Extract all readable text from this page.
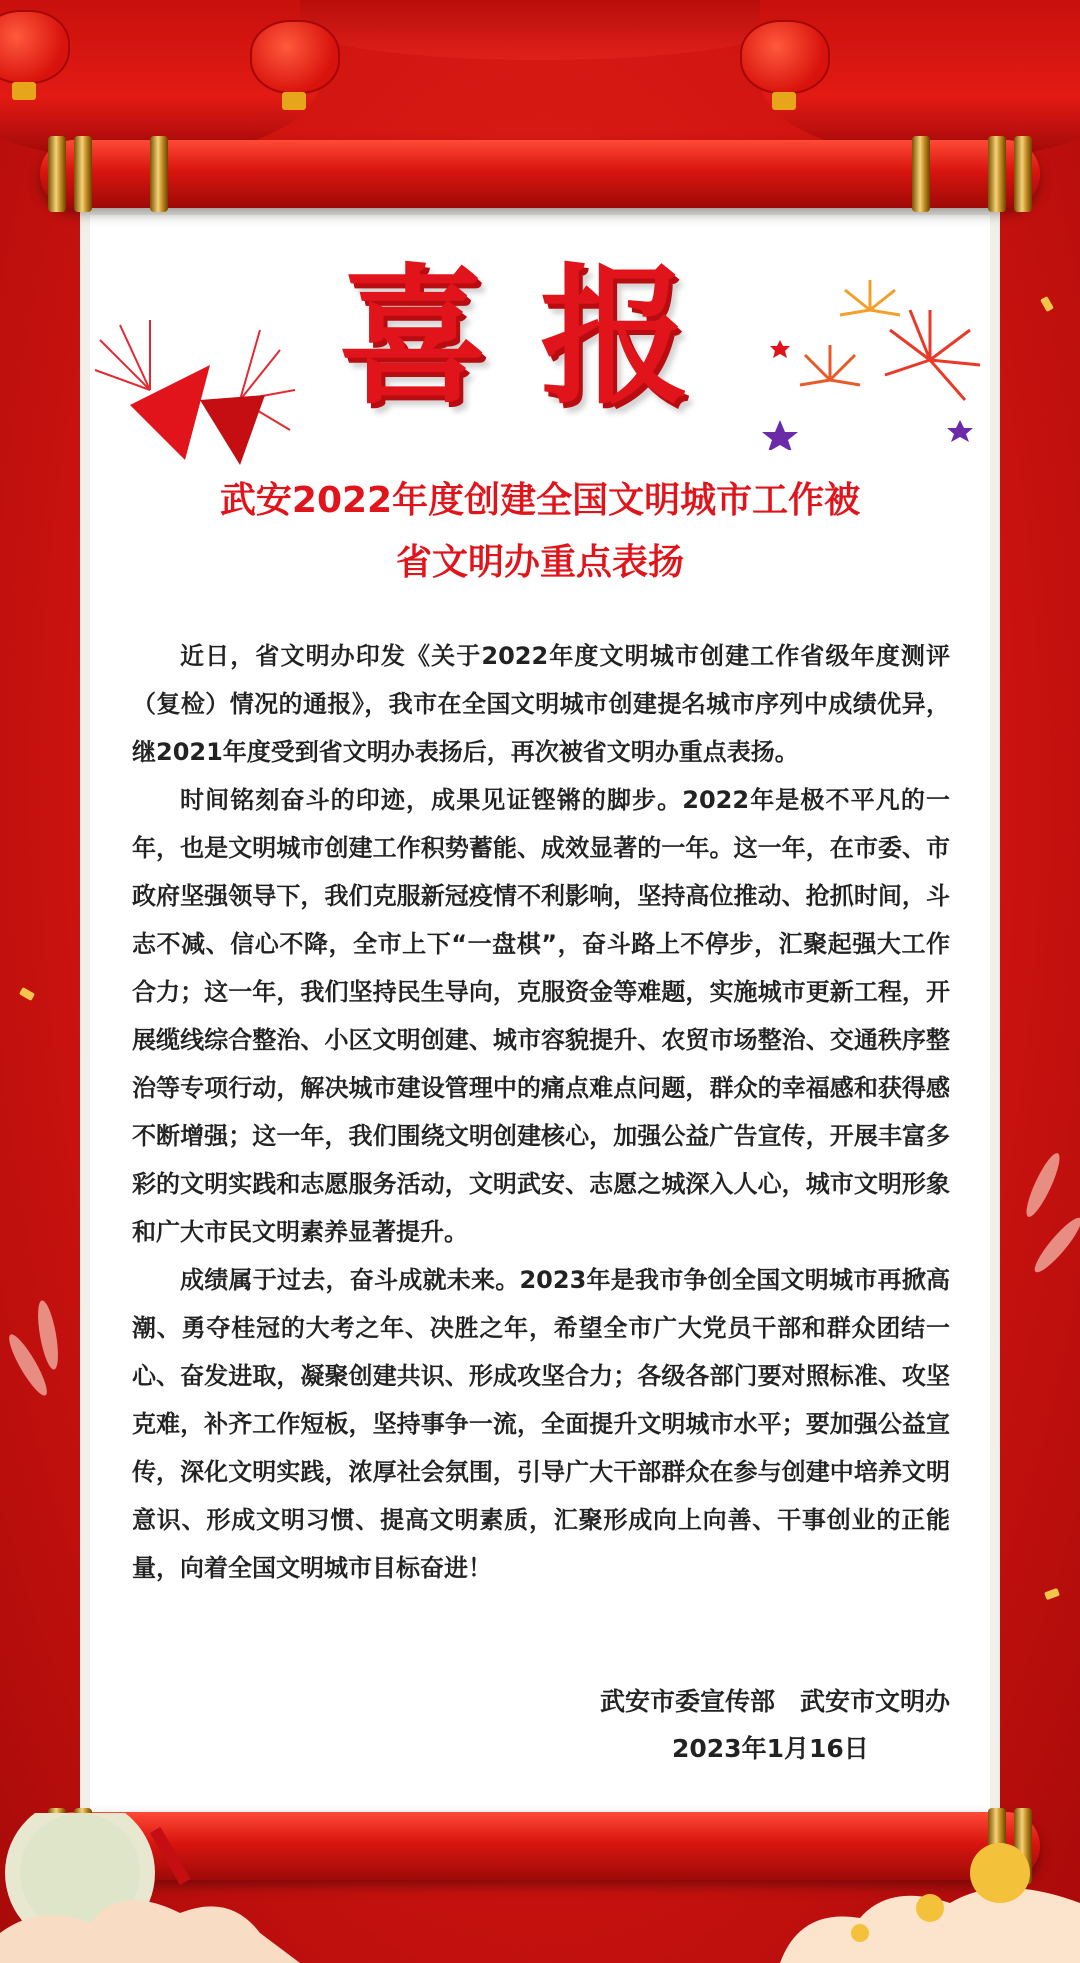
喜报
武安2022年度创建全国文明城市工作被
省文明办重点表扬

近日，省文明办印发《关于2022年度文明城市创建工作省级年度测评（复检）情况的通报》，我市在全国文明城市创建提名城市序列中成绩优异，继2021年度受到省文明办表扬后，再次被省文明办重点表扬。

时间铭刻奋斗的印迹，成果见证铿锵的脚步。2022年是极不平凡的一年，也是文明城市创建工作积势蓄能、成效显著的一年。这一年，在市委、市政府坚强领导下，我们克服新冠疫情不利影响，坚持高位推动、抢抓时间，斗志不减、信心不降，全市上下“一盘棋”，奋斗路上不停步，汇聚起强大工作合力；这一年，我们坚持民生导向，克服资金等难题，实施城市更新工程，开展缆线综合整治、小区文明创建、城市容貌提升、农贸市场整治、交通秩序整治等专项行动，解决城市建设管理中的痛点难点问题，群众的幸福感和获得感不断增强；这一年，我们围绕文明创建核心，加强公益广告宣传，开展丰富多彩的文明实践和志愿服务活动，文明武安、志愿之城深入人心，城市文明形象和广大市民文明素养显著提升。

成绩属于过去，奋斗成就未来。2023年是我市争创全国文明城市再掀高潮、勇夺桂冠的大考之年、决胜之年，希望全市广大党员干部和群众团结一心、奋发进取，凝聚创建共识、形成攻坚合力；各级各部门要对照标准、攻坚克难，补齐工作短板，坚持事争一流，全面提升文明城市水平；要加强公益宣传，深化文明实践，浓厚社会氛围，引导广大干部群众在参与创建中培养文明意识、形成文明习惯、提高文明素质，汇聚形成向上向善、干事创业的正能量，向着全国文明城市目标奋进！

武安市委宣传部　武安市文明办
2023年1月16日
